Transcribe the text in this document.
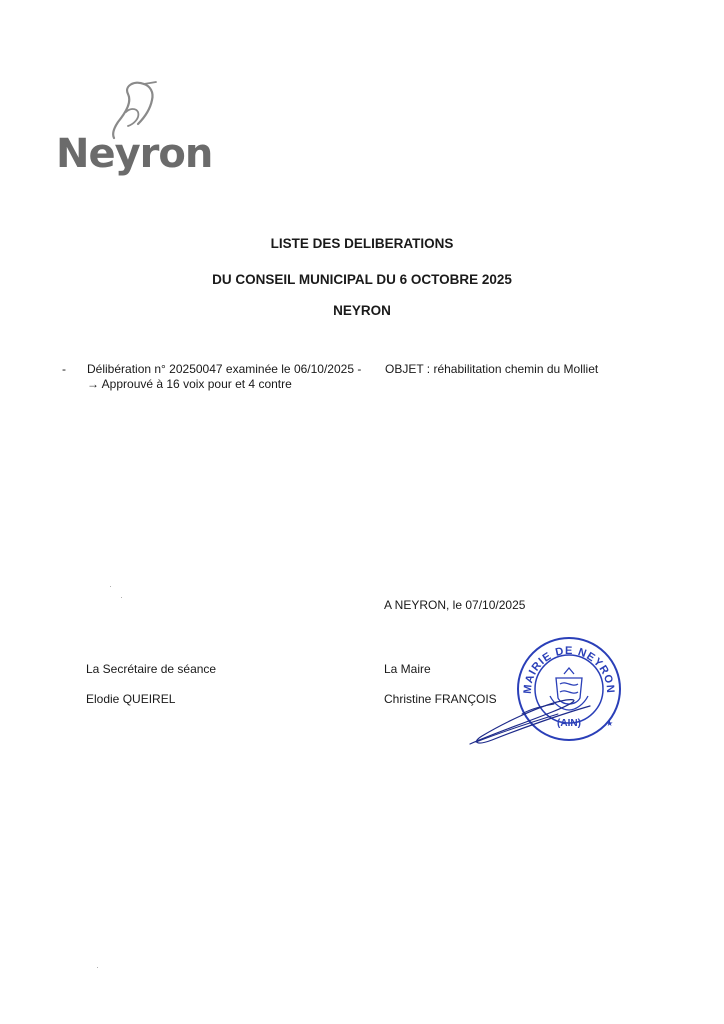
Neyron
LISTE DES DELIBERATIONS
DU CONSEIL MUNICIPAL DU 6 OCTOBRE 2025
NEYRON
- Délibération n° 20250047 examinée le 06/10/2025 - OBJET : réhabilitation chemin du Molliet
→ Approuvé à 16 voix pour et 4 contre
A NEYRON, le 07/10/2025
La Secrétaire de séance
Elodie QUEIREL
La Maire
Christine FRANÇOIS
MAIRIE DE NEYRON
(AIN)	★
